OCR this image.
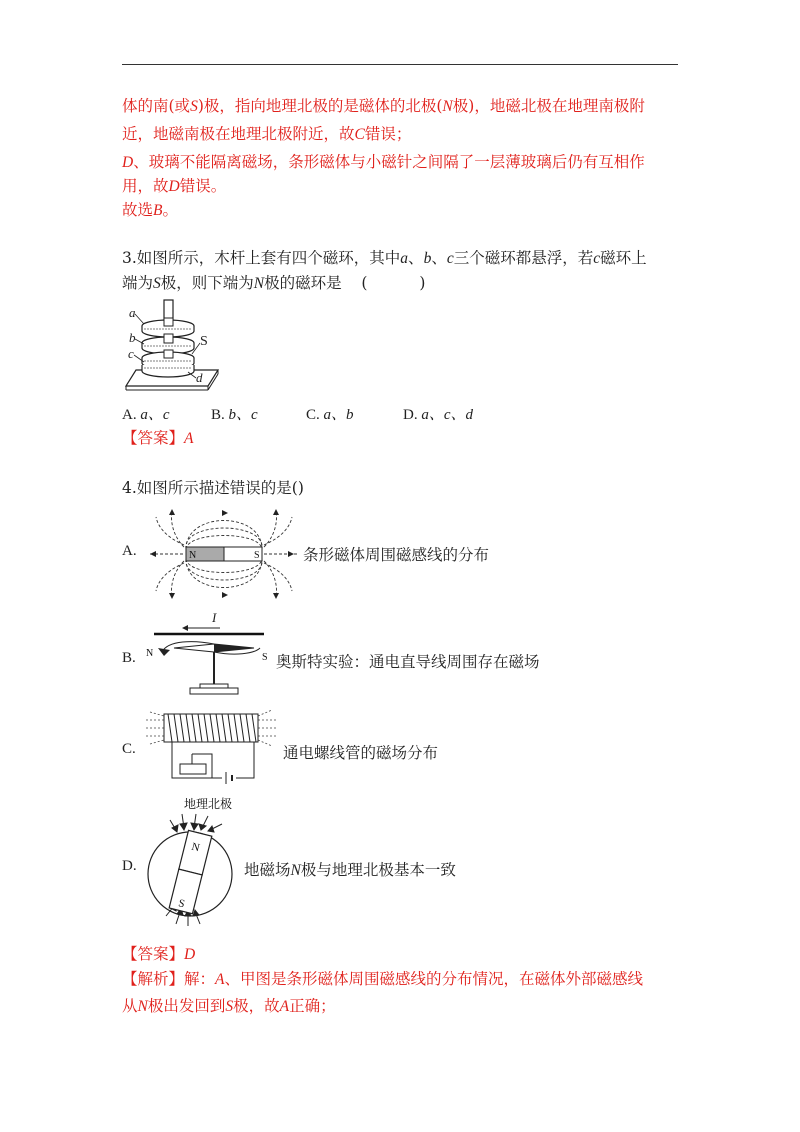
体的南(或S)极，指向地理北极的是磁体的北极(N极)，地磁北极在地理南极附
近，地磁南极在地理北极附近，故C错误；
D、玻璃不能隔离磁场，条形磁体与小磁针之间隔了一层薄玻璃后仍有互相作
用，故D错误。
故选B。
3.如图所示，木杆上套有四个磁环，其中a、b、c三个磁环都悬浮，若c磁环上
端为S极，则下端为N极的磁环是 (	)
a
b
c
S
d
A. a、c	B. b、c	C. a、b	D. a、c、d
【答案】A
4.如图所示描述错误的是()
A.	N	S	条形磁体周围磁感线的分布
B.
I
N	S 奥斯特实验：通电直导线周围存在磁场
C.	通电螺线管的磁场分布
D.
地理北极
N
S
地磁场N极与地理北极基本一致
【答案】D
【解析】解：A、甲图是条形磁体周围磁感线的分布情况，在磁体外部磁感线
从N极出发回到S极，故A正确；
